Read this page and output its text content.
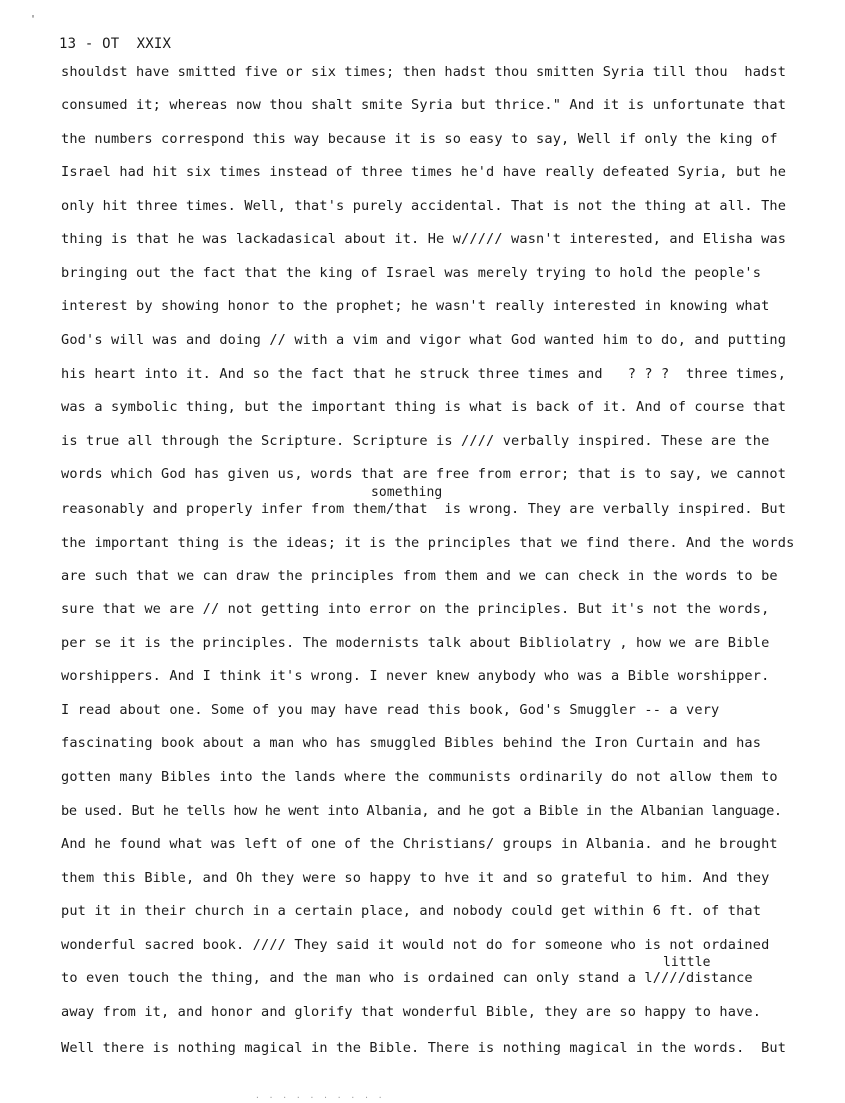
'
13 - OT  XXIX
shouldst have smitted five or six times; then hadst thou smitten Syria till thou  hadst
consumed it; whereas now thou shalt smite Syria but thrice." And it is unfortunate that
the numbers correspond this way because it is so easy to say, Well if only the king of
Israel had hit six times instead of three times he'd have really defeated Syria, but he
only hit three times. Well, that's purely accidental. That is not the thing at all. The
thing is that he was lackadasical about it. He w///// wasn't interested, and Elisha was
bringing out the fact that the king of Israel was merely trying to hold the people's
interest by showing honor to the prophet; he wasn't really interested in knowing what
God's will was and doing // with a vim and vigor what God wanted him to do, and putting
his heart into it. And so the fact that he struck three times and   ? ? ?  three times,
was a symbolic thing, but the important thing is what is back of it. And of course that
is true all through the Scripture. Scripture is //// verbally inspired. These are the
words which God has given us, words that are free from error; that is to say, we cannot
something
reasonably and properly infer from them/that  is wrong. They are verbally inspired. But
the important thing is the ideas; it is the principles that we find there. And the words
are such that we can draw the principles from them and we can check in the words to be
sure that we are // not getting into error on the principles. But it's not the words,
per se it is the principles. The modernists talk about Bibliolatry , how we are Bible
worshippers. And I think it's wrong. I never knew anybody who was a Bible worshipper.
I read about one. Some of you may have read this book, God's Smuggler -- a very
fascinating book about a man who has smuggled Bibles behind the Iron Curtain and has
gotten many Bibles into the lands where the communists ordinarily do not allow them to
be used. But he tells how he went into Albania, and he got a Bible in the Albanian language.
And he found what was left of one of the Christians/ groups in Albania. and he brought
them this Bible, and Oh they were so happy to hve it and so grateful to him. And they
put it in their church in a certain place, and nobody could get within 6 ft. of that
wonderful sacred book. //// They said it would not do for someone who is not ordained
little
to even touch the thing, and the man who is ordained can only stand a l////distance
away from it, and honor and glorify that wonderful Bible, they are so happy to have.
Well there is nothing magical in the Bible. There is nothing magical in the words.  But
· · · · · · · · · ·
